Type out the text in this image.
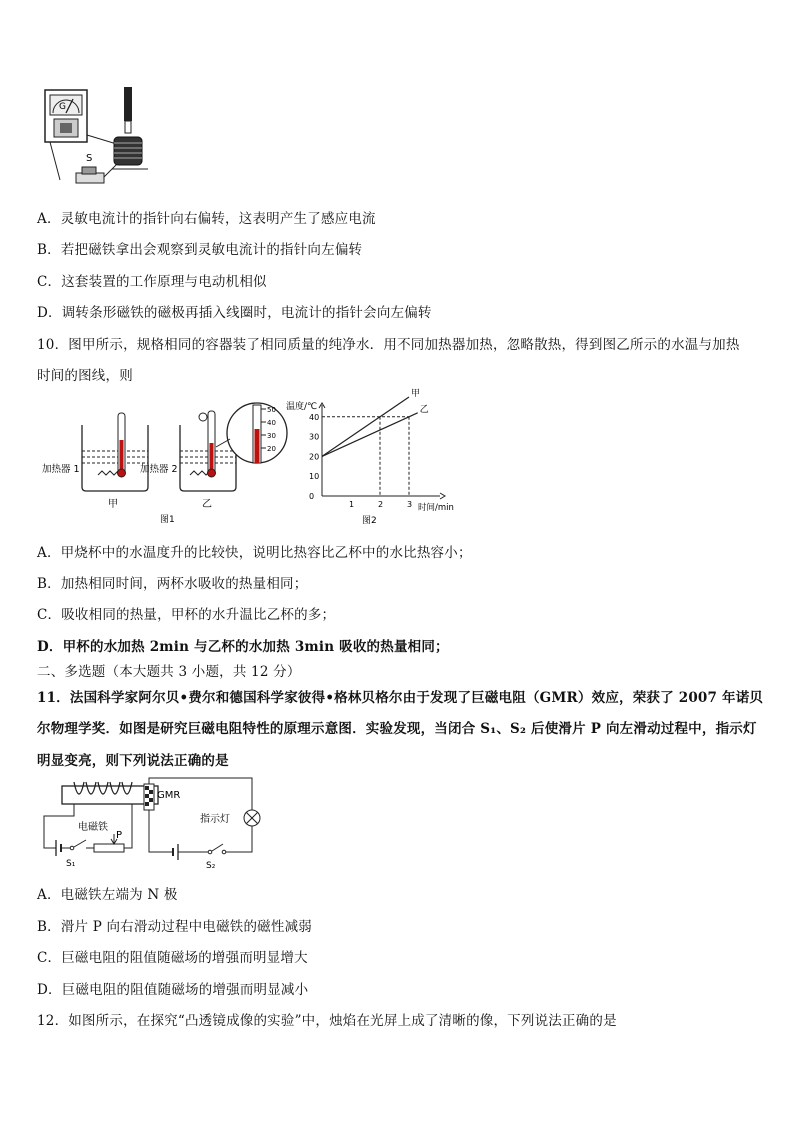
G
S
A．灵敏电流计的指针向右偏转，这表明产生了感应电流
B．若把磁铁拿出会观察到灵敏电流计的指针向左偏转
C．这套装置的工作原理与电动机相似
D．调转条形磁铁的磁极再插入线圈时，电流计的指针会向左偏转
10．图甲所示，规格相同的容器装了相同质量的纯净水．用不同加热器加热，忽略散热，得到图乙所示的水温与加热
时间的图线，则
加热器 1
甲
图1
加热器 2
乙
50
40
30
20
温度/℃
时间/min
图2
0
10
20
30
40
1	2	3
甲
乙
A．甲烧杯中的水温度升的比较快，说明比热容比乙杯中的水比热容小；
B．加热相同时间，两杯水吸收的热量相同；
C．吸收相同的热量，甲杯的水升温比乙杯的多；
D．甲杯的水加热 2min 与乙杯的水加热 3min 吸收的热量相同；
二、多选题（本大题共 3 小题，共 12 分）
11．法国科学家阿尔贝•费尔和德国科学家彼得•格林贝格尔由于发现了巨磁电阻（GMR）效应，荣获了 2007 年诺贝
尔物理学奖．如图是研究巨磁电阻特性的原理示意图．实验发现，当闭合 S₁、S₂ 后使滑片 P 向左滑动过程中，指示灯
明显变亮，则下列说法正确的是
电磁铁
P
S₁
GMR
指示灯
S₂
A．电磁铁左端为 N 极
B．滑片 P 向右滑动过程中电磁铁的磁性减弱
C．巨磁电阻的阻值随磁场的增强而明显增大
D．巨磁电阻的阻值随磁场的增强而明显减小
12．如图所示，在探究“凸透镜成像的实验”中，烛焰在光屏上成了清晰的像，下列说法正确的是
